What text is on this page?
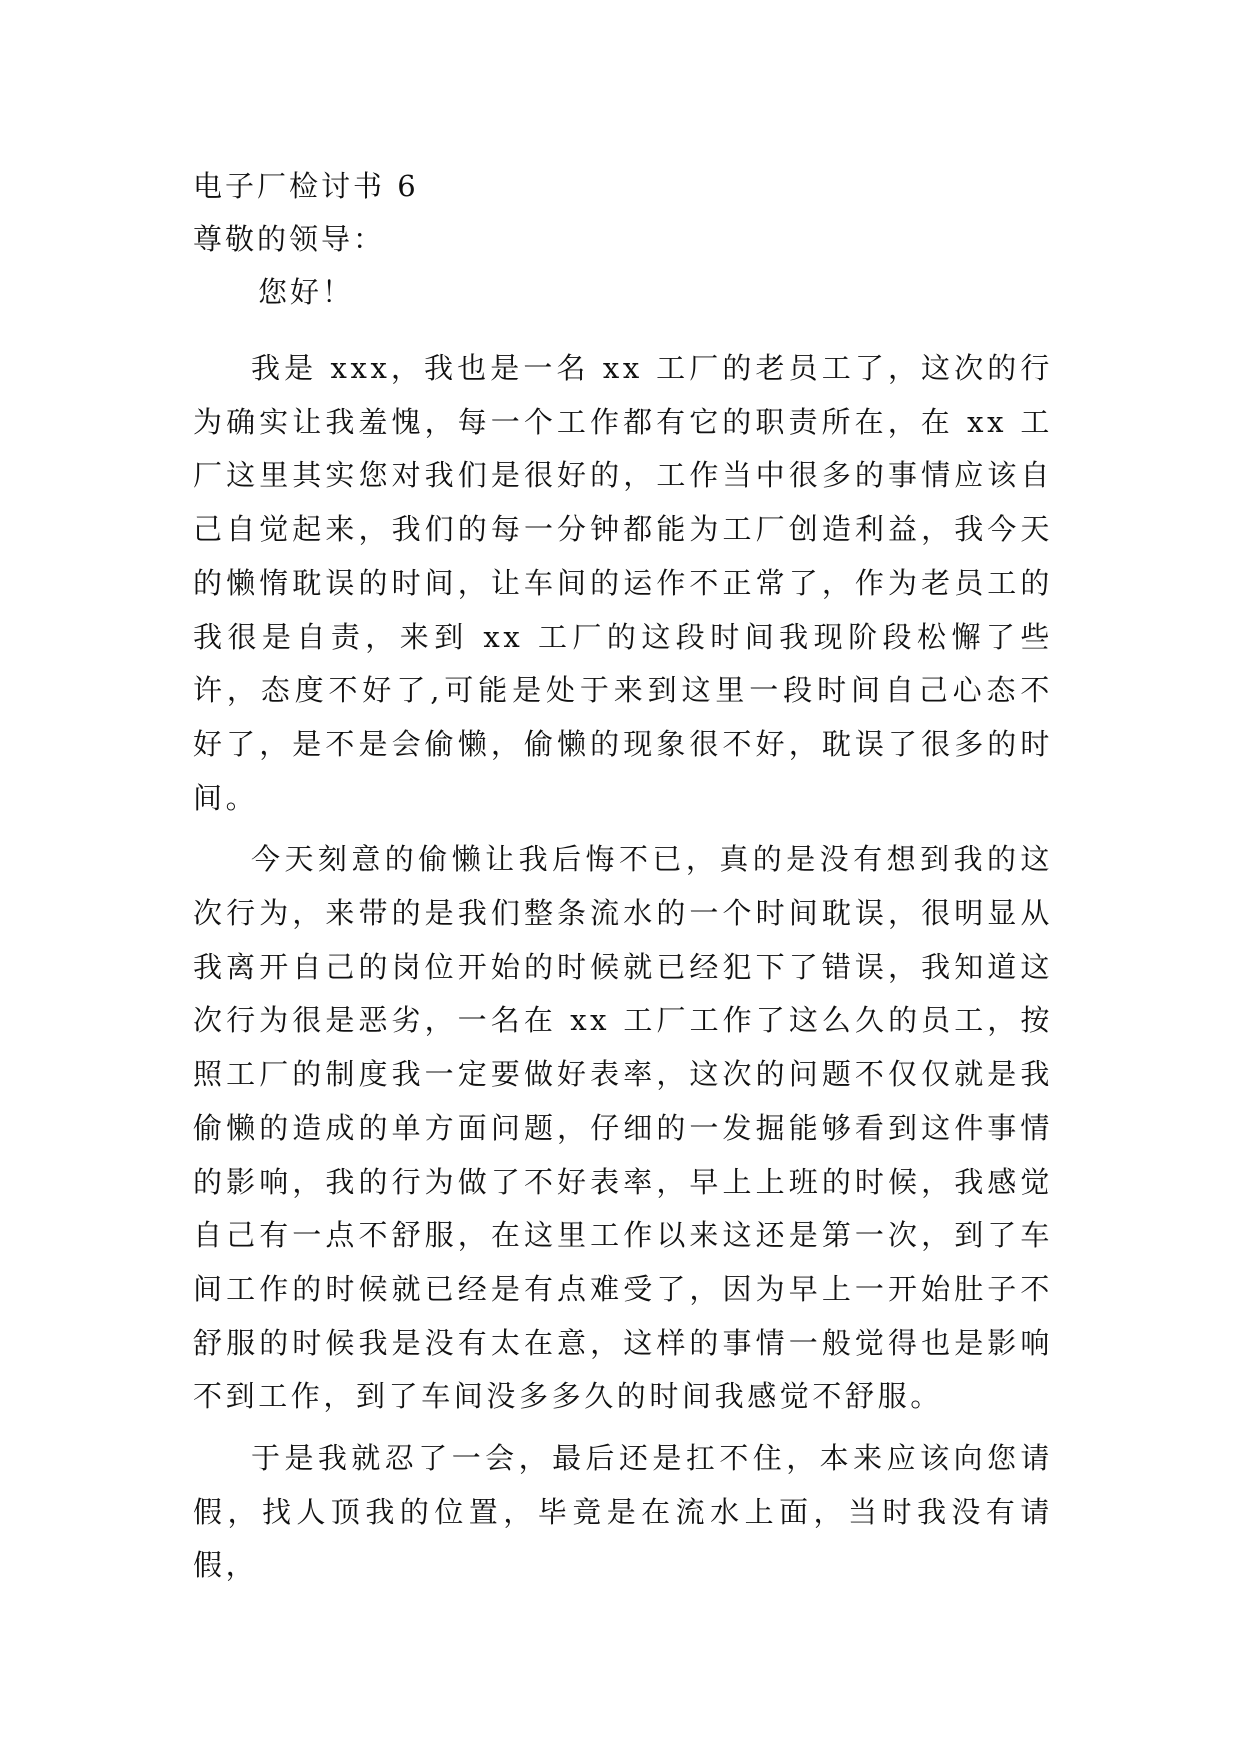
电子厂检讨书 6
尊敬的领导：
您好！

我是 xxx，我也是一名 xx 工厂的老员工了，这次的行为确实让我羞愧，每一个工作都有它的职责所在，在 xx 工厂这里其实您对我们是很好的，工作当中很多的事情应该自己自觉起来，我们的每一分钟都能为工厂创造利益，我今天的懒惰耽误的时间，让车间的运作不正常了，作为老员工的我很是自责，来到 xx 工厂的这段时间我现阶段松懈了些许，态度不好了,可能是处于来到这里一段时间自己心态不好了，是不是会偷懒，偷懒的现象很不好，耽误了很多的时间。

今天刻意的偷懒让我后悔不已，真的是没有想到我的这次行为，来带的是我们整条流水的一个时间耽误，很明显从我离开自己的岗位开始的时候就已经犯下了错误，我知道这次行为很是恶劣，一名在 xx 工厂工作了这么久的员工，按照工厂的制度我一定要做好表率，这次的问题不仅仅就是我偷懒的造成的单方面问题，仔细的一发掘能够看到这件事情的影响，我的行为做了不好表率，早上上班的时候，我感觉自己有一点不舒服，在这里工作以来这还是第一次，到了车间工作的时候就已经是有点难受了，因为早上一开始肚子不舒服的时候我是没有太在意，这样的事情一般觉得也是影响不到工作，到了车间没多多久的时间我感觉不舒服。

于是我就忍了一会，最后还是扛不住，本来应该向您请假，找人顶我的位置，毕竟是在流水上面，当时我没有请假，
